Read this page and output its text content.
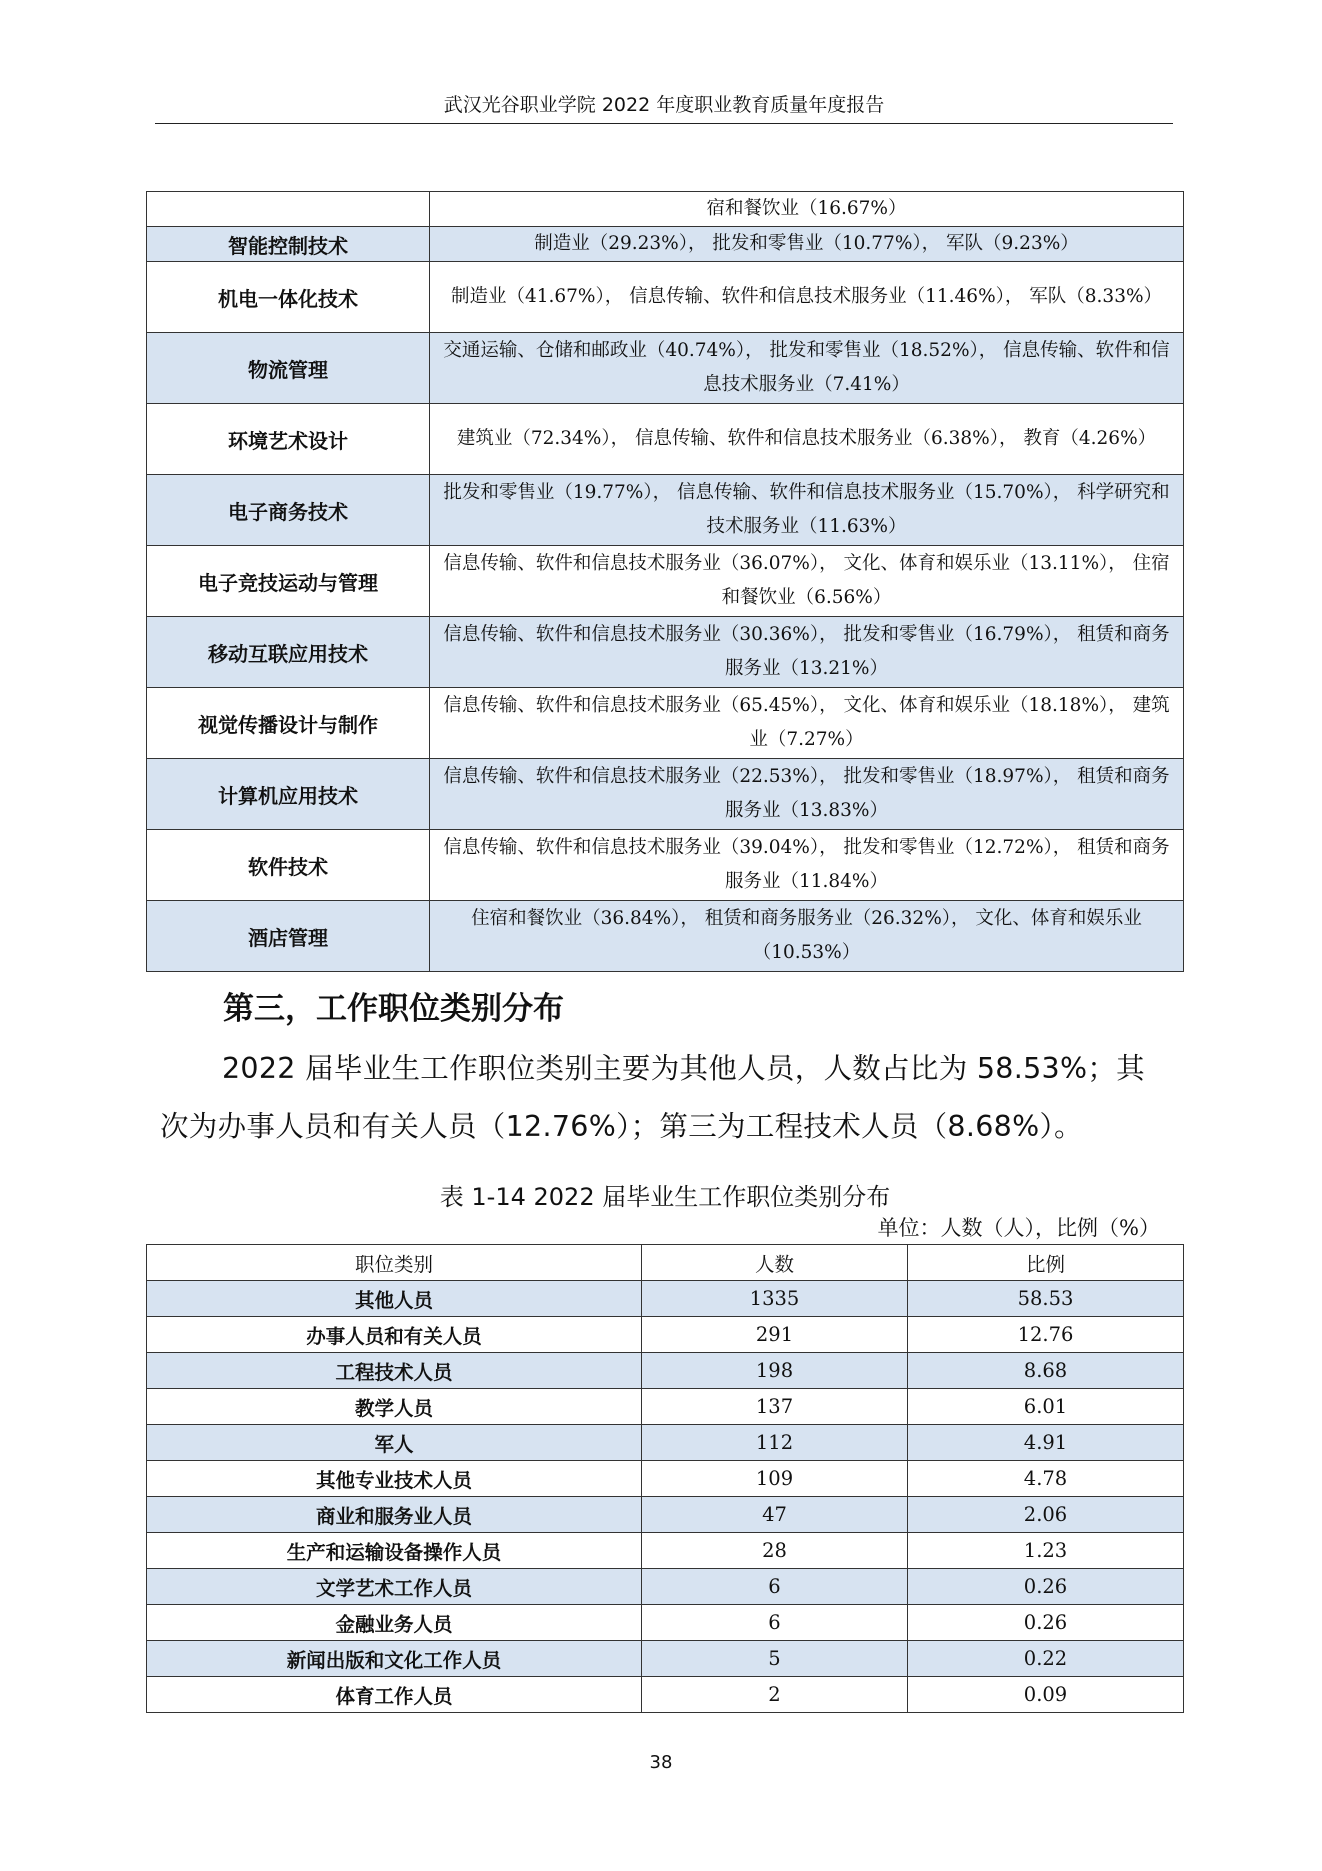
武汉光谷职业学院 2022 年度职业教育质量年度报告
	宿和餐饮业（16.67%）
智能控制技术	制造业（29.23%）， 批发和零售业（10.77%）， 军队（9.23%）
机电一体化技术	制造业（41.67%）， 信息传输、软件和信息技术服务业（11.46%）， 军队（8.33%）
物流管理	交通运输、仓储和邮政业（40.74%）， 批发和零售业（18.52%）， 信息传输、软件和信息技术服务业（7.41%）
环境艺术设计	建筑业（72.34%）， 信息传输、软件和信息技术服务业（6.38%）， 教育（4.26%）
电子商务技术	批发和零售业（19.77%）， 信息传输、软件和信息技术服务业（15.70%）， 科学研究和技术服务业（11.63%）
电子竞技运动与管理	信息传输、软件和信息技术服务业（36.07%）， 文化、体育和娱乐业（13.11%）， 住宿和餐饮业（6.56%）
移动互联应用技术	信息传输、软件和信息技术服务业（30.36%）， 批发和零售业（16.79%）， 租赁和商务服务业（13.21%）
视觉传播设计与制作	信息传输、软件和信息技术服务业（65.45%）， 文化、体育和娱乐业（18.18%）， 建筑业（7.27%）
计算机应用技术	信息传输、软件和信息技术服务业（22.53%）， 批发和零售业（18.97%）， 租赁和商务服务业（13.83%）
软件技术	信息传输、软件和信息技术服务业（39.04%）， 批发和零售业（12.72%）， 租赁和商务服务业（11.84%）
酒店管理	住宿和餐饮业（36.84%）， 租赁和商务服务业（26.32%）， 文化、体育和娱乐业（10.53%）
第三，工作职位类别分布
2022 届毕业生工作职位类别主要为其他人员，人数占比为 58.53%；其次为办事人员和有关人员（12.76%）；第三为工程技术人员（8.68%）。
表 1-14 2022 届毕业生工作职位类别分布
单位：人数（人），比例（%）
职位类别	人数	比例
其他人员	1335	58.53
办事人员和有关人员	291	12.76
工程技术人员	198	8.68
教学人员	137	6.01
军人	112	4.91
其他专业技术人员	109	4.78
商业和服务业人员	47	2.06
生产和运输设备操作人员	28	1.23
文学艺术工作人员	6	0.26
金融业务人员	6	0.26
新闻出版和文化工作人员	5	0.22
体育工作人员	2	0.09
38
